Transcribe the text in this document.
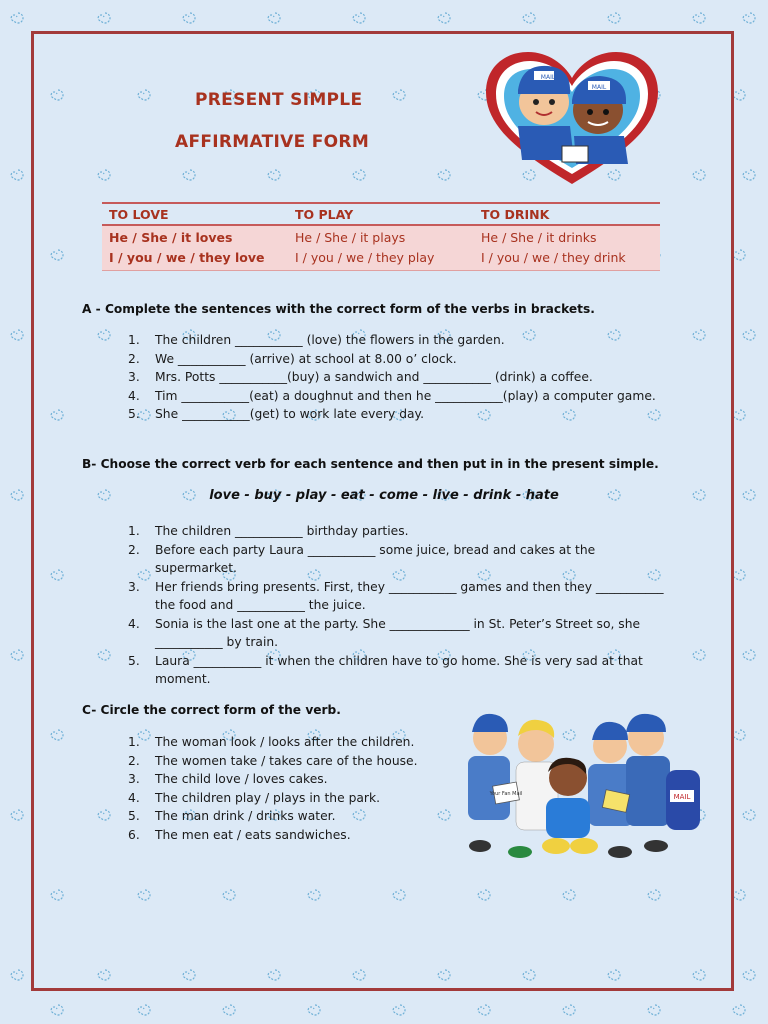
PRESENT SIMPLE
AFFIRMATIVE FORM
MAIL
MAIL
TO LOVE	TO PLAY	TO DRINK
He / She / it loves	He / She / it plays	He / She / it drinks
I / you / we / they love	I / you / we / they play	I / you / we / they drink
A - Complete the sentences with the correct form of the verbs in brackets.
1.	The children ___________ (love) the flowers in the garden.
2.	We ___________ (arrive) at school at 8.00 o’ clock.
3.	Mrs. Potts ___________(buy) a sandwich and ___________ (drink) a coffee.
4.	Tim ___________(eat) a doughnut and then he ___________(play) a computer game.
5.	She ___________(get) to work late every day.
B- Choose the correct verb for each sentence and then put in in the present simple.
love - buy - play - eat - come - live - drink - hate
1.	The children ___________ birthday parties.
2.	Before each party Laura ___________ some juice, bread and cakes at the supermarket.
3.	Her friends bring presents. First, they ___________ games and then they ___________ the food and ___________ the juice.
4.	Sonia is the last one at the party. She _____________ in St. Peter’s Street so, she ___________ by train.
5.	Laura ___________ it when the children have to go home. She is very sad at that moment.
C- Circle the correct form of the verb.
1.	The woman look / looks after the children.
2.	The women take / takes care of the house.
3.	The child love / loves cakes.
4.	The children play / plays in the park.
5.	The man drink / drinks water.
6.	The men eat / eats sandwiches.
MAIL
Your Fan Mail
